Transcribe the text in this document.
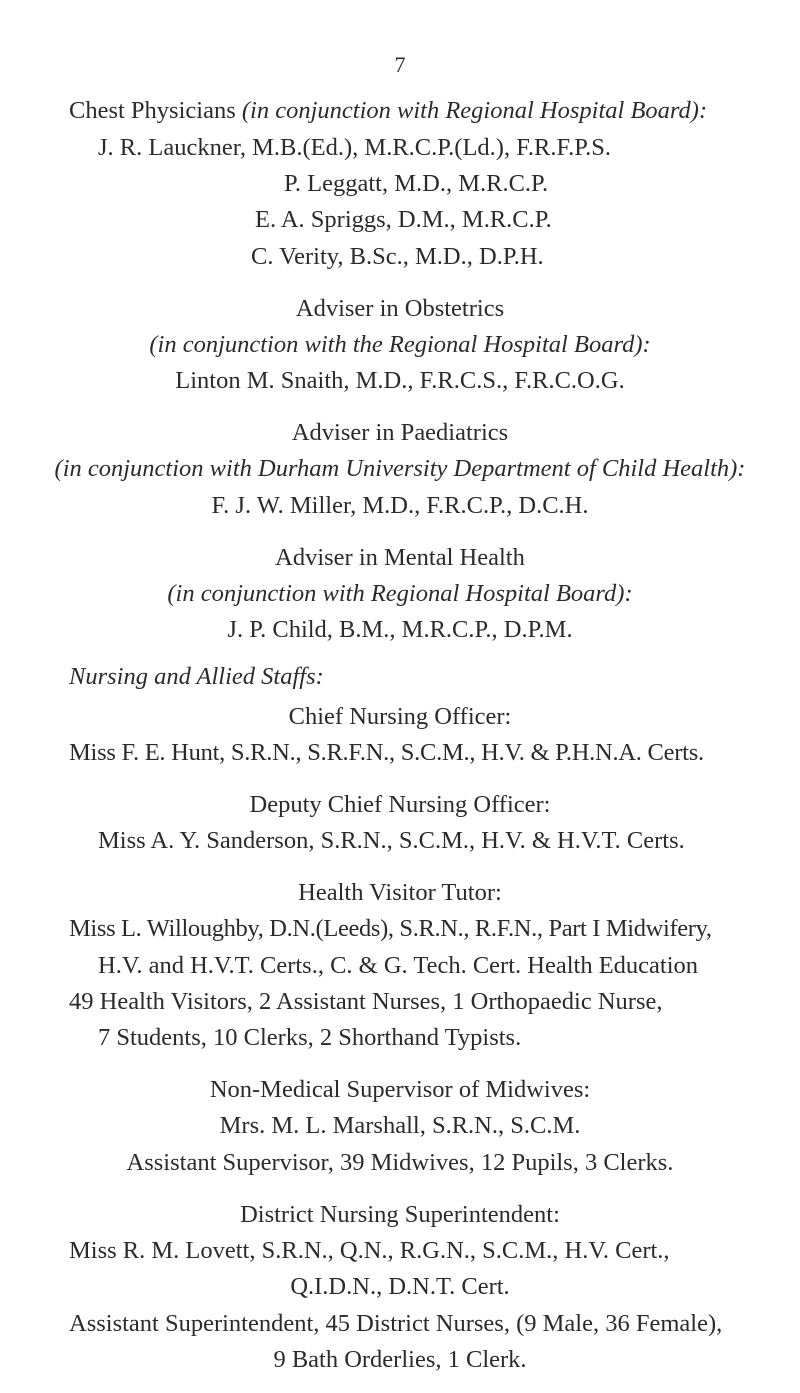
7
Chest Physicians (in conjunction with Regional Hospital Board):
J. R. Lauckner, M.B.(Ed.), M.R.C.P.(Ld.), F.R.F.P.S.
P. Leggatt, M.D., M.R.C.P.
E. A. Spriggs, D.M., M.R.C.P.
C. Verity, B.Sc., M.D., D.P.H.
Adviser in Obstetrics
(in conjunction with the Regional Hospital Board):
Linton M. Snaith, M.D., F.R.C.S., F.R.C.O.G.
Adviser in Paediatrics
(in conjunction with Durham University Department of Child Health):
F. J. W. Miller, M.D., F.R.C.P., D.C.H.
Adviser in Mental Health
(in conjunction with Regional Hospital Board):
J. P. Child, B.M., M.R.C.P., D.P.M.
Nursing and Allied Staffs:
Chief Nursing Officer:
Miss F. E. Hunt, S.R.N., S.R.F.N., S.C.M., H.V. & P.H.N.A. Certs.
Deputy Chief Nursing Officer:
Miss A. Y. Sanderson, S.R.N., S.C.M., H.V. & H.V.T. Certs.
Health Visitor Tutor:
Miss L. Willoughby, D.N.(Leeds), S.R.N., R.F.N., Part I Midwifery,
H.V. and H.V.T. Certs., C. & G. Tech. Cert. Health Education
49 Health Visitors, 2 Assistant Nurses, 1 Orthopaedic Nurse,
7 Students, 10 Clerks, 2 Shorthand Typists.
Non-Medical Supervisor of Midwives:
Mrs. M. L. Marshall, S.R.N., S.C.M.
Assistant Supervisor, 39 Midwives, 12 Pupils, 3 Clerks.
District Nursing Superintendent:
Miss R. M. Lovett, S.R.N., Q.N., R.G.N., S.C.M., H.V. Cert.,
Q.I.D.N., D.N.T. Cert.
Assistant Superintendent, 45 District Nurses, (9 Male, 36 Female),
9 Bath Orderlies, 1 Clerk.
